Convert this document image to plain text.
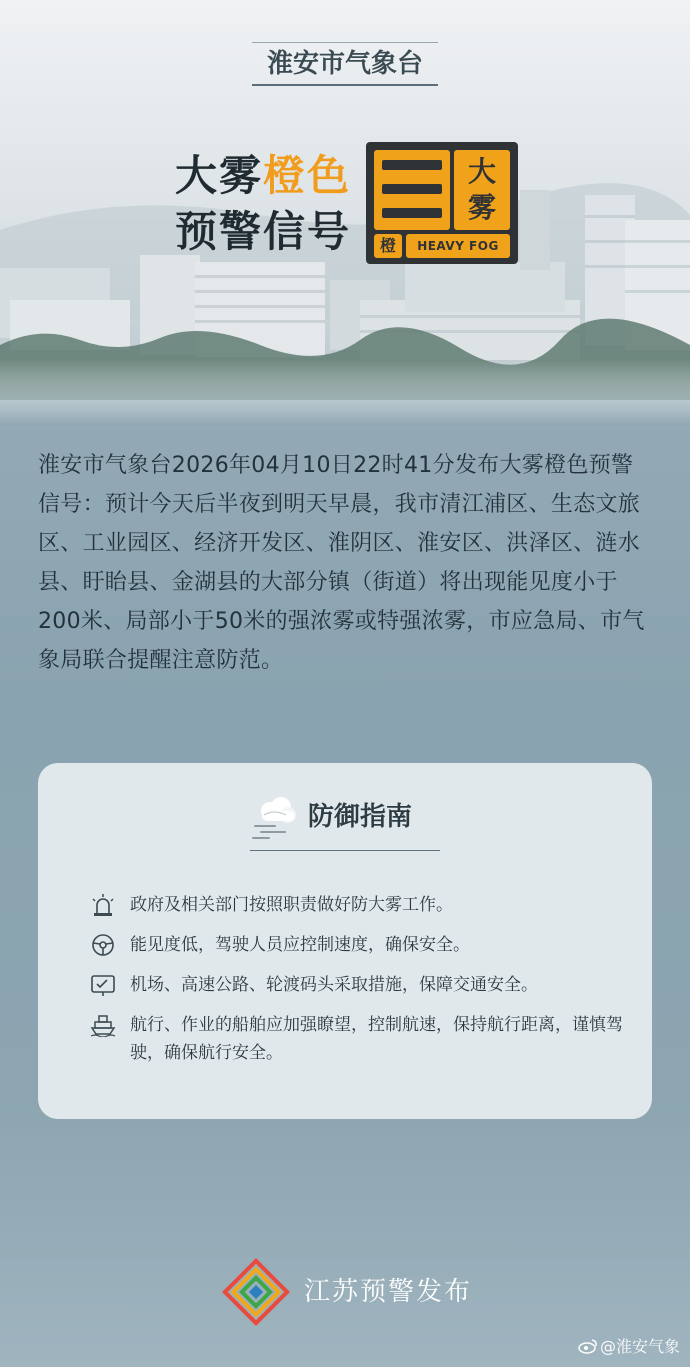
淮安市气象台
大雾橙色
预警信号
大
雾
橙	HEAVY FOG
淮安市气象台2026年04月10日22时41分发布大雾橙色预警信号：预计今天后半夜到明天早晨，我市清江浦区、生态文旅区、工业园区、经济开发区、淮阴区、淮安区、洪泽区、涟水县、盱眙县、金湖县的大部分镇（街道）将出现能见度小于200米、局部小于50米的强浓雾或特强浓雾，市应急局、市气象局联合提醒注意防范。
防御指南
政府及相关部门按照职责做好防大雾工作。
能见度低，驾驶人员应控制速度，确保安全。
机场、高速公路、轮渡码头采取措施，保障交通安全。
航行、作业的船舶应加强瞭望，控制航速，保持航行距离，谨慎驾驶，确保航行安全。
江苏预警发布
@淮安气象
